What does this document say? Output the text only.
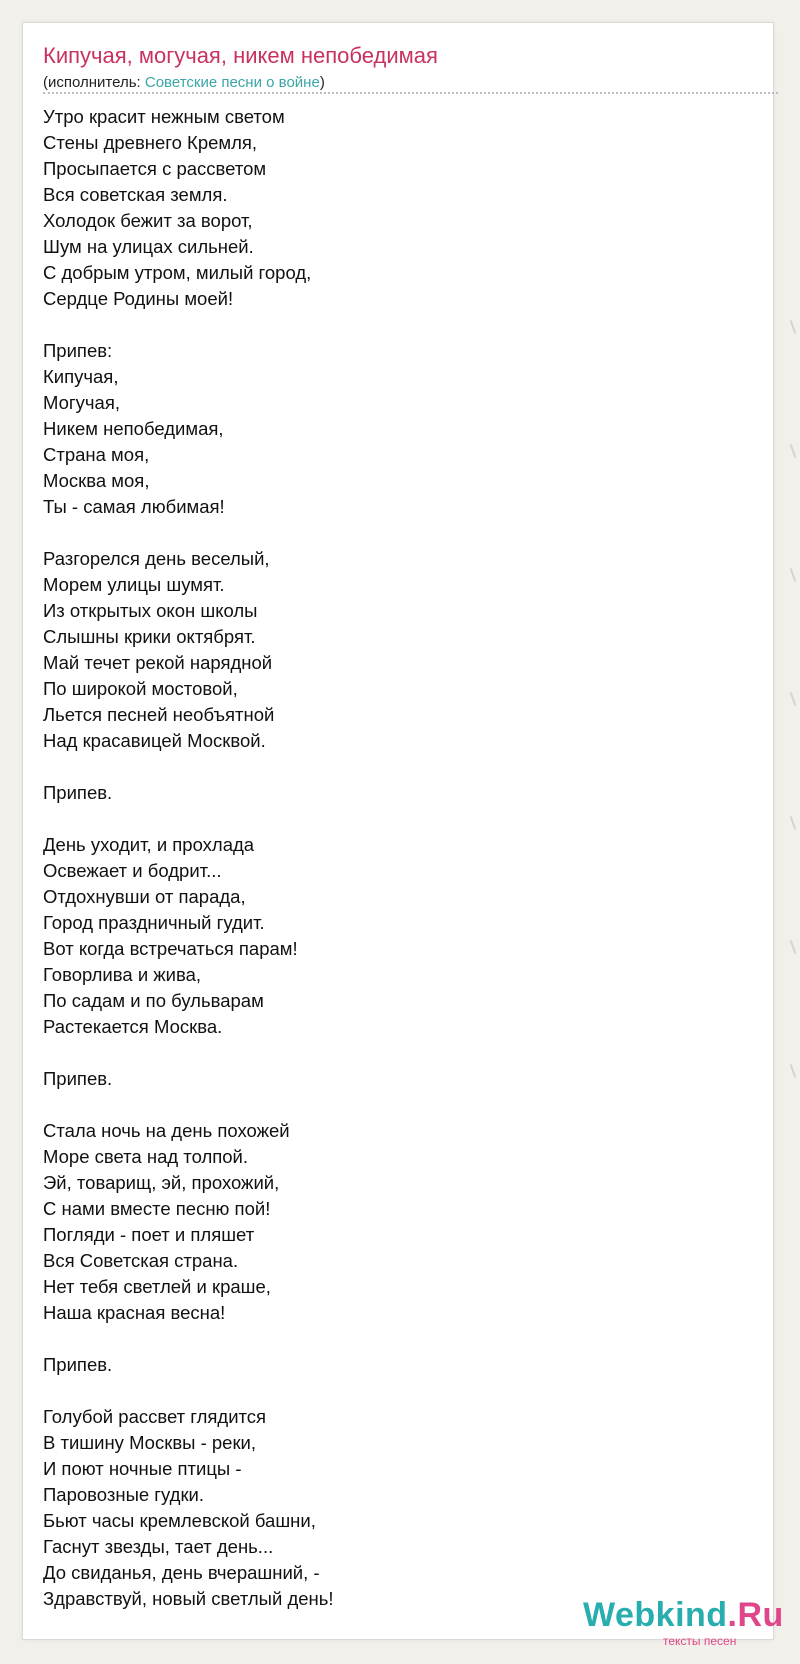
Кипучая, могучая, никем непобедимая
(исполнитель: Советские песни о войне)
Утро красит нежным светом
Стены древнего Кремля,
Просыпается с рассветом
Вся советская земля.
Холодок бежит за ворот,
Шум на улицах сильней.
С добрым утром, милый город,
Сердце Родины моей!
Припев:
Кипучая,
Могучая,
Никем непобедимая,
Страна моя,
Москва моя,
Ты - самая любимая!
Разгорелся день веселый,
Морем улицы шумят.
Из открытых окон школы
Слышны крики октябрят.
Май течет рекой нарядной
По широкой мостовой,
Льется песней необъятной
Над красавицей Москвой.
Припев.
День уходит, и прохлада
Освежает и бодрит...
Отдохнувши от парада,
Город праздничный гудит.
Вот когда встречаться парам!
Говорлива и жива,
По садам и по бульварам
Растекается Москва.
Припев.
Стала ночь на день похожей
Море света над толпой.
Эй, товарищ, эй, прохожий,
С нами вместе песню пой!
Погляди - поет и пляшет
Вся Советская страна.
Нет тебя светлей и краше,
Наша красная весна!
Припев.
Голубой рассвет глядится
В тишину Москвы - реки,
И поют ночные птицы -
Паровозные гудки.
Бьют часы кремлевской башни,
Гаснут звезды, тает день...
До свиданья, день вчерашний, -
Здравствуй, новый светлый день!	Webkind.Ru
тексты песен
